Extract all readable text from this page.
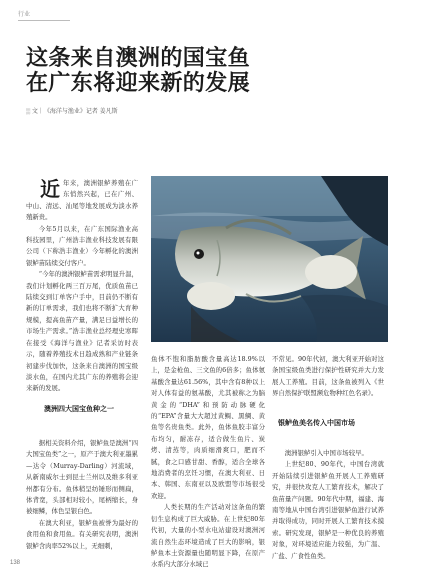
行业
这条来自澳洲的国宝鱼
在广东将迎来新的发展
▒ 文｜《海洋与渔业》记者 姜凡斯

近年来，澳洲银鲈养殖在广东悄然兴起，已在广州、中山、清远、汕尾等地发展成为淡水养殖新贵。

今年5月以来，在广东国际渔业高科技园里，广州浩丰渔业科技发展有限公司（下称浩丰渔业）今年孵化的澳洲银鲈苗陆续交付客户。

“今年的澳洲银鲈苗需求明显升温，我们计划孵化两三百万尾，优质鱼苗已陆续交到订单客户手中，目前仍不断有新的订单需求，我们也将不断扩大育种规模，提高鱼苗产量，满足日益增长的市场生产需求。”浩丰渔业总经理史寒晖在接受《海洋与渔业》记者采访时表示，随着养殖技术日趋成熟和产业链条初建步伐加快，这条来自澳洲的国宝级淡水鱼，在国内尤其广东的养殖将会迎来新的发展。

澳洲四大国宝鱼种之一

据相关资料介绍，银鲈鱼是澳洲“四大国宝鱼类”之一，原产于澳大利亚墨累—达令（Murray-Darling）河流域，从新南威尔士到昆士兰州以及维多利亚州都有分布。鱼体稍呈纺锤形而侧扁，体背宽，头部相对较小，尾柄缩长，身被细鳞，体色呈银白色。

在澳大利亚，银鲈鱼被誉为最好的食用鱼和食用鱼。有关研究表明，澳洲银鲈含肉率52%以上，无细刺，

鱼体不饱和脂肪酸含量高达18.9%以上，是金枪鱼、三文鱼的6倍多；鱼体氨基酸含量达61.56%，其中含有8种以上对人体有益的氨基酸，尤其被称之为脑黄金的“DHA”和预防动脉硬化的“EPA”含量大大超过黄鲷、黑鲷、黄鱼等名贵鱼类。此外，鱼体鱼胶丰富分布均匀，耐冻存，适合做生鱼片、炭烤、清蒸等，肉质细滑爽口，肥而不腻，食之口感甘甜、香醇，适合全球各地消费者的烹饪习惯，在澳大利亚、日本、韩国、东南亚以及欧盟等市场很受欢迎。

人类长期的生产活动对这条鱼的繁衍生息构成了巨大威胁。在上世纪80年代初，大量的小型水电站建设对澳洲河流自然生态环境造成了巨大的影响，银鲈鱼本土资源量也随明显下降，在原产水系内大部分水域已

不常见。90年代初，澳大利亚开始对这条国宝级鱼类进行保护性研究并大力发展人工养殖。目前，这条鱼被列入《世界自然保护联盟濒危物种红色名录》。

银鲈鱼美名传入中国市场

澳洲银鲈引入中国市场较早。

上世纪80、90年代，中国台湾就开始陆续引进银鲈鱼开展人工养殖研究，并很快攻克人工繁育技术，解决了鱼苗量产问题。90年代中期，福建、海南等地从中国台湾引进银鲈鱼进行试养并取得成功，同时开展人工繁育技术摸索。研究发现，银鲈是一种优良的养殖对象，对环境适应能力较强，为广温、广盐、广食性鱼类。

138
